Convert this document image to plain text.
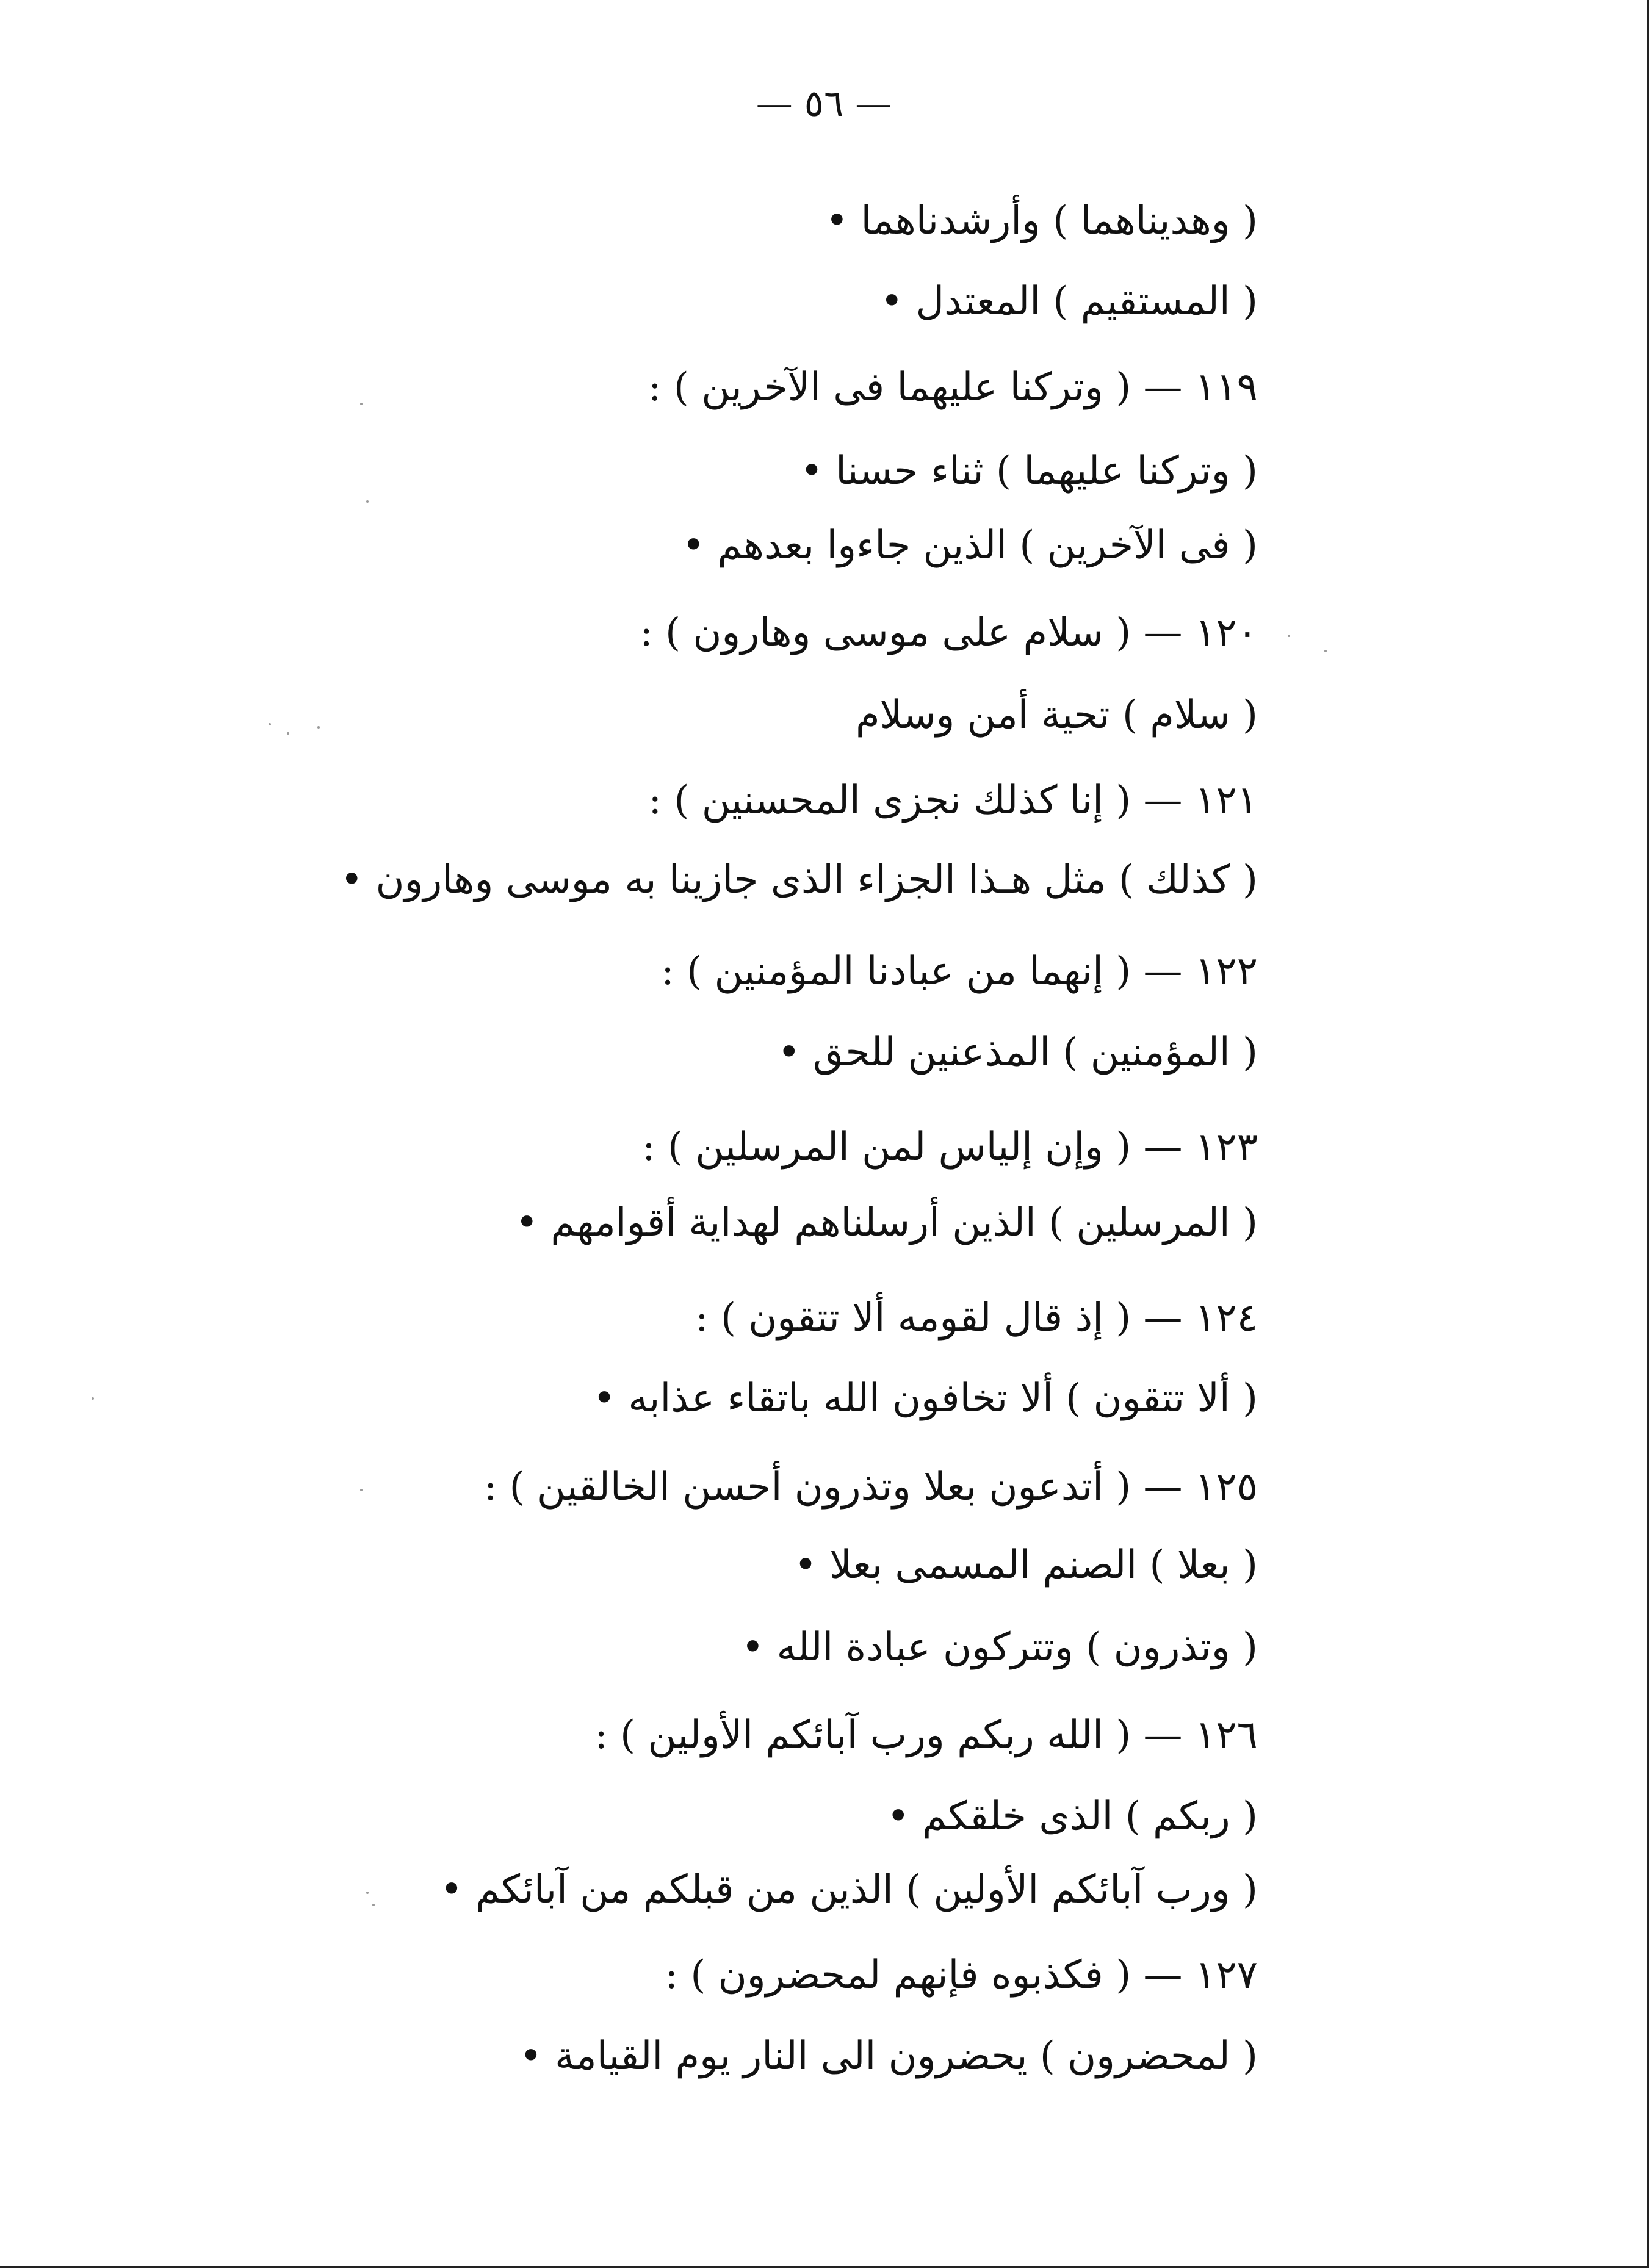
— ٥٦ —
( وهديناهما ) وأرشدناهما •
( المستقيم ) المعتدل •
١١٩ — ( وتركنا عليهما فى الآخرين ) :
( وتركنا عليهما ) ثناء حسنا •
( فى الآخرين ) الذين جاءوا بعدهم •
١٢٠ — ( سلام على موسى وهارون ) :
( سلام ) تحية أمن وسلام
١٢١ — ( إنا كذلك نجزى المحسنين ) :
( كذلك ) مثل هـذا الجزاء الذى جازينا به موسى وهارون •
١٢٢ — ( إنهما من عبادنا المؤمنين ) :
( المؤمنين ) المذعنين للحق •
١٢٣ — ( وإن إلياس لمن المرسلين ) :
( المرسلين ) الذين أرسلناهم لهداية أقوامهم •
١٢٤ — ( إذ قال لقومه ألا تتقون ) :
( ألا تتقون ) ألا تخافون الله باتقاء عذابه •
١٢٥ — ( أتدعون بعلا وتذرون أحسن الخالقين ) :
( بعلا ) الصنم المسمى بعلا •
( وتذرون ) وتتركون عبادة الله •
١٢٦ — ( الله ربكم ورب آبائكم الأولين ) :
( ربكم ) الذى خلقكم •
( ورب آبائكم الأولين ) الذين من قبلكم من آبائكم •
١٢٧ — ( فكذبوه فإنهم لمحضرون ) :
( لمحضرون ) يحضرون الى النار يوم القيامة •
